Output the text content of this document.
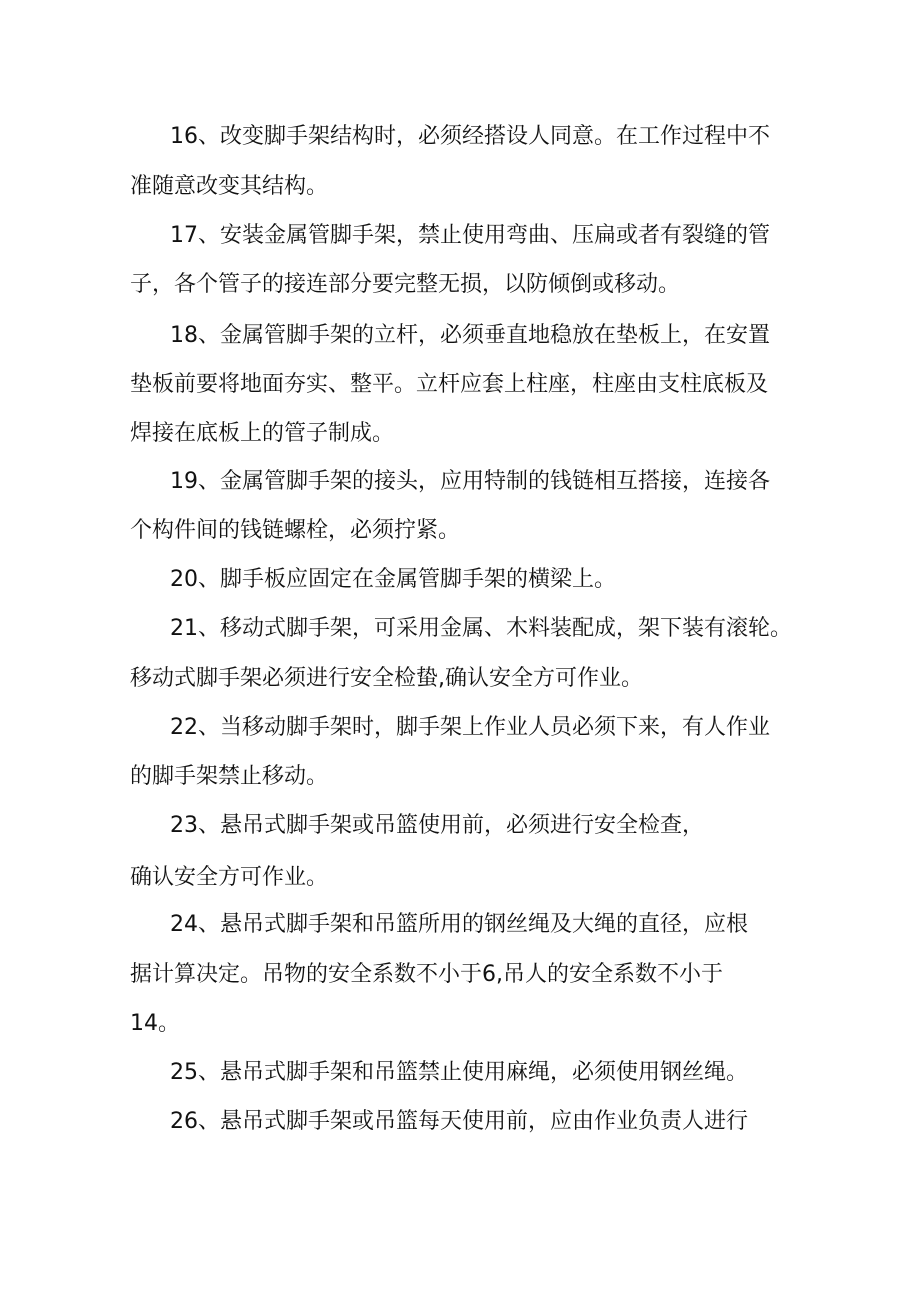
16、改变脚手架结构时，必须经搭设人同意。在工作过程中不
准随意改变其结构。
17、安装金属管脚手架，禁止使用弯曲、压扁或者有裂缝的管
子，各个管子的接连部分要完整无损，以防倾倒或移动。
18、金属管脚手架的立杆，必须垂直地稳放在垫板上，在安置
垫板前要将地面夯实、整平。立杆应套上柱座，柱座由支柱底板及
焊接在底板上的管子制成。
19、金属管脚手架的接头，应用特制的钱链相互搭接，连接各
个构件间的钱链螺栓，必须拧紧。
20、脚手板应固定在金属管脚手架的横梁上。
21、移动式脚手架，可采用金属、木料装配成，架下装有滚轮。
移动式脚手架必须进行安全检蛰,确认安全方可作业。
22、当移动脚手架时，脚手架上作业人员必须下来，有人作业
的脚手架禁止移动。
23、悬吊式脚手架或吊篮使用前，必须进行安全检查，
确认安全方可作业。
24、悬吊式脚手架和吊篮所用的钢丝绳及大绳的直径，应根
据计算决定。吊物的安全系数不小于6,吊人的安全系数不小于
14。
25、悬吊式脚手架和吊篮禁止使用麻绳，必须使用钢丝绳。
26、悬吊式脚手架或吊篮每天使用前，应由作业负责人进行
